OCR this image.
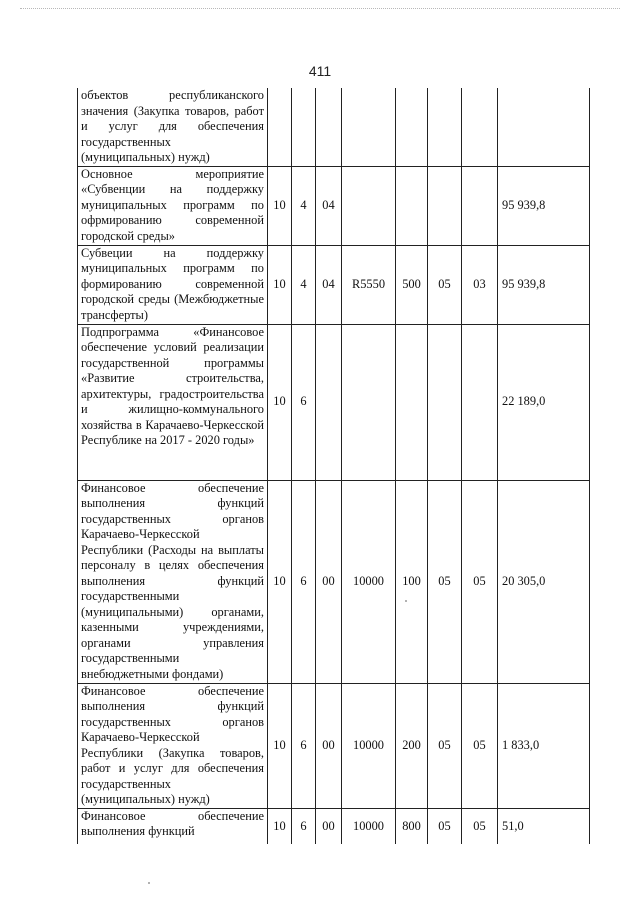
411
объектов республиканского значения (Закупка товаров, работ и услуг для обеспечения государственных (муниципальных) нужд)								
Основное мероприятие «Субвенции на поддержку муниципальных программ по офрмированию современной городской среды»	10	4	04					95 939,8
Субвеции на поддержку муниципальных программ по формированию современной городской среды (Межбюджетные трансферты)	10	4	04	R5550	500	05	03	95 939,8
Подпрограмма «Финансовое обеспечение условий реализации государственной программы «Развитие строительства, архитектуры, градостроительства и жилищно-коммунального хозяйства в Карачаево-Черкесской Республике на 2017 - 2020 годы»	10	6						22 189,0
Финансовое обеспечение выполнения функций государственных органов Карачаево-Черкесской Республики (Расходы на выплаты персоналу в целях обеспечения выполнения функций государственными (муниципальными) органами, казенными учреждениями, органами управления государственными внебюджетными фондами)	10	6	00	10000	100	05	05	20 305,0
Финансовое обеспечение выполнения функций государственных органов Карачаево-Черкесской Республики (Закупка товаров, работ и услуг для обеспечения государственных (муниципальных) нужд)	10	6	00	10000	200	05	05	1 833,0
Финансовое обеспечение выполнения функций	10	6	00	10000	800	05	05	51,0
